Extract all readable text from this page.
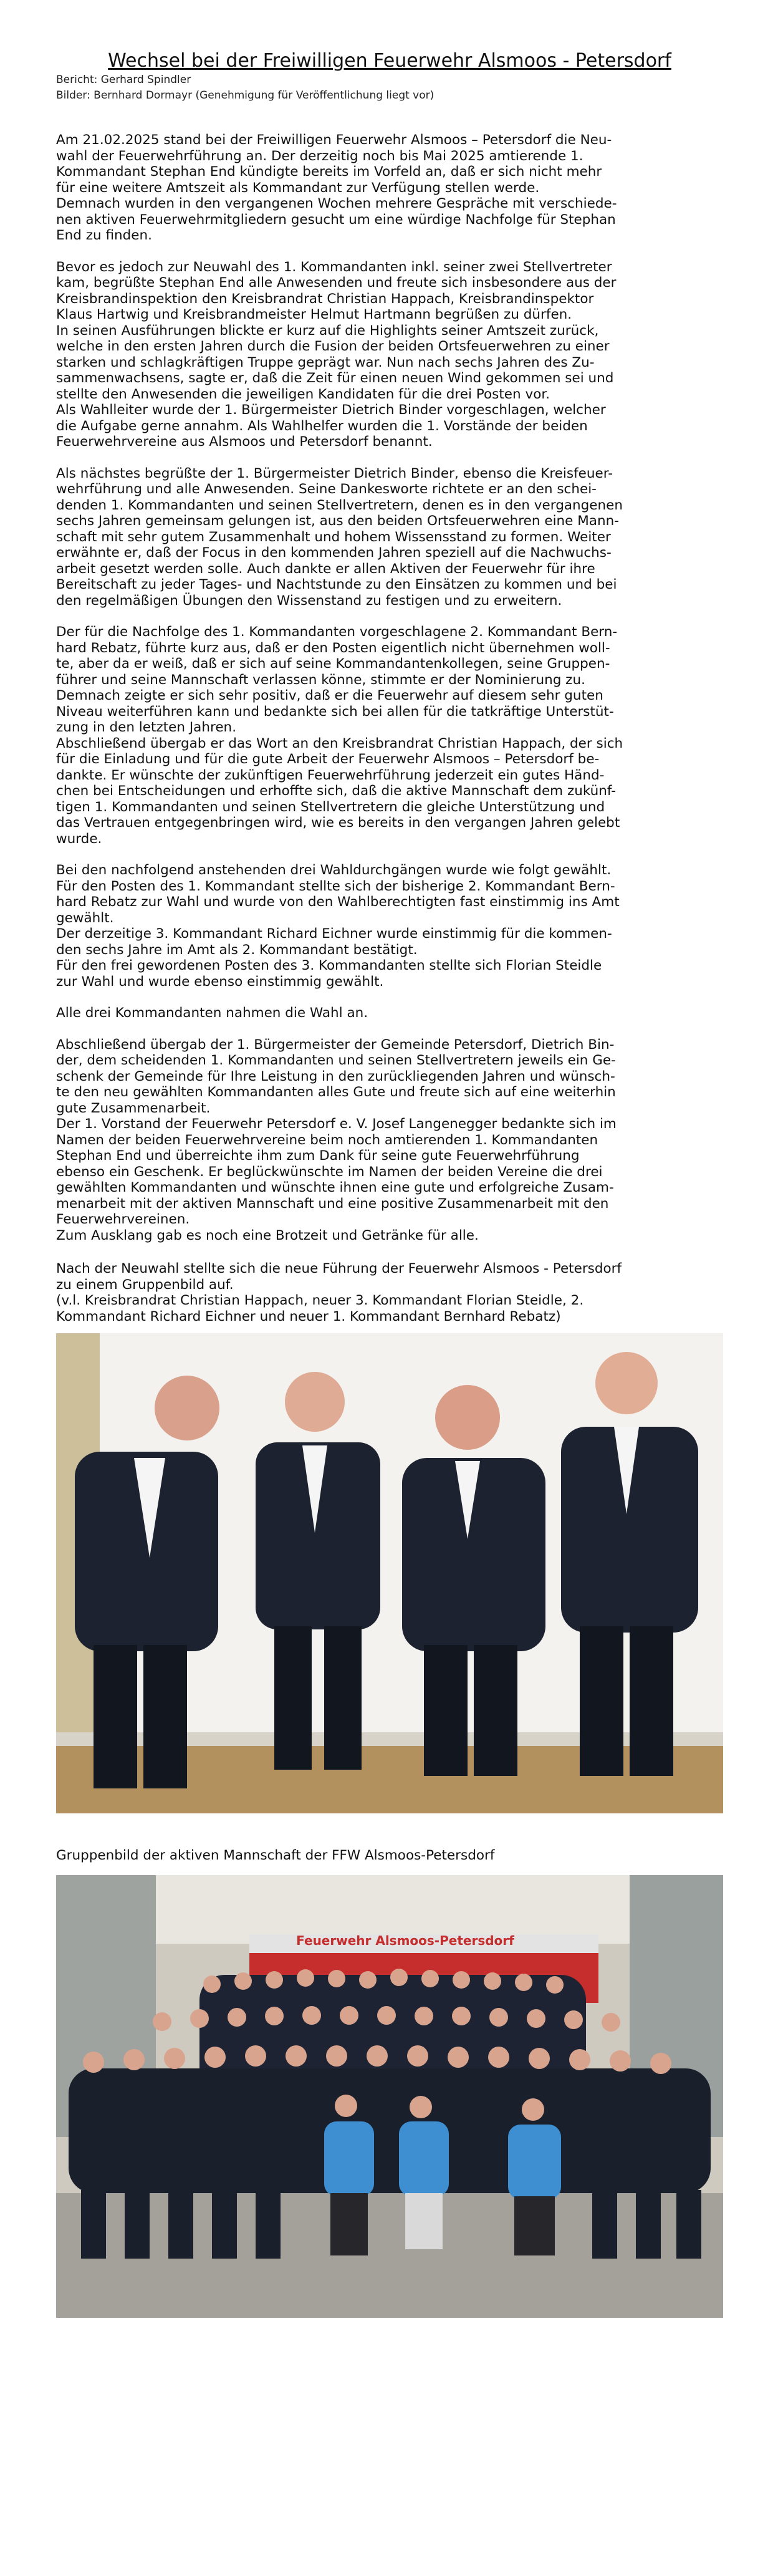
Wechsel bei der Freiwilligen Feuerwehr Alsmoos - Petersdorf
Bericht: Gerhard Spindler
Bilder: Bernhard Dormayr (Genehmigung für Veröffentlichung liegt vor)
Am 21.02.2025 stand bei der Freiwilligen Feuerwehr Alsmoos – Petersdorf die Neu-
wahl der Feuerwehrführung an. Der derzeitig noch bis Mai 2025 amtierende 1.
Kommandant Stephan End kündigte bereits im Vorfeld an, daß er sich nicht mehr
für eine weitere Amtszeit als Kommandant zur Verfügung stellen werde.
Demnach wurden in den vergangenen Wochen mehrere Gespräche mit verschiede-
nen aktiven Feuerwehrmitgliedern gesucht um eine würdige Nachfolge für Stephan
End zu finden.
Bevor es jedoch zur Neuwahl des 1. Kommandanten inkl. seiner zwei Stellvertreter
kam, begrüßte Stephan End alle Anwesenden und freute sich insbesondere aus der
Kreisbrandinspektion den Kreisbrandrat Christian Happach, Kreisbrandinspektor
Klaus Hartwig und Kreisbrandmeister Helmut Hartmann begrüßen zu dürfen.
In seinen Ausführungen blickte er kurz auf die Highlights seiner Amtszeit zurück,
welche in den ersten Jahren durch die Fusion der beiden Ortsfeuerwehren zu einer
starken und schlagkräftigen Truppe geprägt war. Nun nach sechs Jahren des Zu-
sammenwachsens, sagte er, daß die Zeit für einen neuen Wind gekommen sei und
stellte den Anwesenden die jeweiligen Kandidaten für die drei Posten vor.
Als Wahlleiter wurde der 1. Bürgermeister Dietrich Binder vorgeschlagen, welcher
die Aufgabe gerne annahm. Als Wahlhelfer wurden die 1. Vorstände der beiden
Feuerwehrvereine aus Alsmoos und Petersdorf benannt.
Als nächstes begrüßte der 1. Bürgermeister Dietrich Binder, ebenso die Kreisfeuer-
wehrführung und alle Anwesenden. Seine Dankesworte richtete er an den schei-
denden 1. Kommandanten und seinen Stellvertretern, denen es in den vergangenen
sechs Jahren gemeinsam gelungen ist, aus den beiden Ortsfeuerwehren eine Mann-
schaft mit sehr gutem Zusammenhalt und hohem Wissensstand zu formen. Weiter
erwähnte er, daß der Focus in den kommenden Jahren speziell auf die Nachwuchs-
arbeit gesetzt werden solle. Auch dankte er allen Aktiven der Feuerwehr für ihre
Bereitschaft zu jeder Tages- und Nachtstunde zu den Einsätzen zu kommen und bei
den regelmäßigen Übungen den Wissenstand zu festigen und zu erweitern.
Der für die Nachfolge des 1. Kommandanten vorgeschlagene 2. Kommandant Bern-
hard Rebatz, führte kurz aus, daß er den Posten eigentlich nicht übernehmen woll-
te, aber da er weiß, daß er sich auf seine Kommandantenkollegen, seine Gruppen-
führer und seine Mannschaft verlassen könne, stimmte er der Nominierung zu.
Demnach zeigte er sich sehr positiv, daß er die Feuerwehr auf diesem sehr guten
Niveau weiterführen kann und bedankte sich bei allen für die tatkräftige Unterstüt-
zung in den letzten Jahren.
Abschließend übergab er das Wort an den Kreisbrandrat Christian Happach, der sich
für die Einladung und für die gute Arbeit der Feuerwehr Alsmoos – Petersdorf be-
dankte. Er wünschte der zukünftigen Feuerwehrführung jederzeit ein gutes Händ-
chen bei Entscheidungen und erhoffte sich, daß die aktive Mannschaft dem zukünf-
tigen 1. Kommandanten und seinen Stellvertretern die gleiche Unterstützung und
das Vertrauen entgegenbringen wird, wie es bereits in den vergangen Jahren gelebt
wurde.
Bei den nachfolgend anstehenden drei Wahldurchgängen wurde wie folgt gewählt.
Für den Posten des 1. Kommandant stellte sich der bisherige 2. Kommandant Bern-
hard Rebatz zur Wahl und wurde von den Wahlberechtigten fast einstimmig ins Amt
gewählt.
Der derzeitige 3. Kommandant Richard Eichner wurde einstimmig für die kommen-
den sechs Jahre im Amt als 2. Kommandant bestätigt.
Für den frei gewordenen Posten des 3. Kommandanten stellte sich Florian Steidle
zur Wahl und wurde ebenso einstimmig gewählt.
Alle drei Kommandanten nahmen die Wahl an.
Abschließend übergab der 1. Bürgermeister der Gemeinde Petersdorf, Dietrich Bin-
der, dem scheidenden 1. Kommandanten und seinen Stellvertretern jeweils ein Ge-
schenk der Gemeinde für Ihre Leistung in den zurückliegenden Jahren und wünsch-
te den neu gewählten Kommandanten alles Gute und freute sich auf eine weiterhin
gute Zusammenarbeit.
Der 1. Vorstand der Feuerwehr Petersdorf e. V. Josef Langenegger bedankte sich im
Namen der beiden Feuerwehrvereine beim noch amtierenden 1. Kommandanten
Stephan End und überreichte ihm zum Dank für seine gute Feuerwehrführung
ebenso ein Geschenk. Er beglückwünschte im Namen der beiden Vereine die drei
gewählten Kommandanten und wünschte ihnen eine gute und erfolgreiche Zusam-
menarbeit mit der aktiven Mannschaft und eine positive Zusammenarbeit mit den
Feuerwehrvereinen.
Zum Ausklang gab es noch eine Brotzeit und Getränke für alle.
Nach der Neuwahl stellte sich die neue Führung der Feuerwehr Alsmoos - Petersdorf
zu einem Gruppenbild auf.
(v.l. Kreisbrandrat Christian Happach, neuer 3. Kommandant Florian Steidle, 2.
Kommandant Richard Eichner und neuer 1. Kommandant Bernhard Rebatz)
Gruppenbild der aktiven Mannschaft der FFW Alsmoos-Petersdorf
Feuerwehr Alsmoos-Petersdorf
